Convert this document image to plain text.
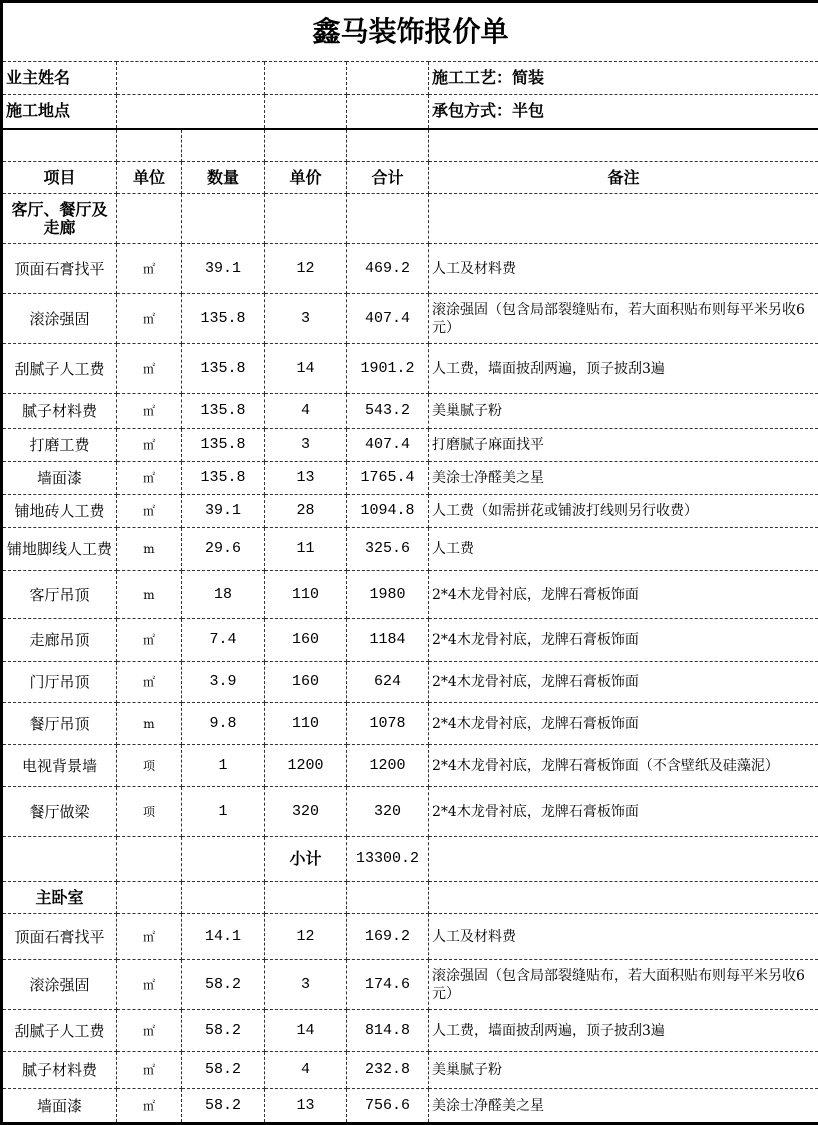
鑫马装饰报价单					
业主姓名					施工工艺：简装
施工地点					承包方式：半包

项目	单位	数量	单价	合计	备注
客厅、餐厅及走廊					
顶面石膏找平	㎡	39.1	12	469.2	人工及材料费
滚涂强固	㎡	135.8	3	407.4	滚涂强固（包含局部裂缝贴布，若大面积贴布则每平米另收6元）
刮腻子人工费	㎡	135.8	14	1901.2	人工费，墙面披刮两遍，顶子披刮3遍
腻子材料费	㎡	135.8	4	543.2	美巢腻子粉
打磨工费	㎡	135.8	3	407.4	打磨腻子麻面找平
墙面漆	㎡	135.8	13	1765.4	美涂士净醛美之星
铺地砖人工费	㎡	39.1	28	1094.8	人工费（如需拼花或铺波打线则另行收费）
铺地脚线人工费	m	29.6	11	325.6	人工费
客厅吊顶	m	18	110	1980	2*4木龙骨衬底，龙牌石膏板饰面
走廊吊顶	㎡	7.4	160	1184	2*4木龙骨衬底，龙牌石膏板饰面
门厅吊顶	㎡	3.9	160	624	2*4木龙骨衬底，龙牌石膏板饰面
餐厅吊顶	m	9.8	110	1078	2*4木龙骨衬底，龙牌石膏板饰面
电视背景墙	项	1	1200	1200	2*4木龙骨衬底，龙牌石膏板饰面（不含壁纸及硅藻泥）
餐厅做梁	项	1	320	320	2*4木龙骨衬底，龙牌石膏板饰面
			小计	13300.2	
主卧室					
顶面石膏找平	㎡	14.1	12	169.2	人工及材料费
滚涂强固	㎡	58.2	3	174.6	滚涂强固（包含局部裂缝贴布，若大面积贴布则每平米另收6元）
刮腻子人工费	㎡	58.2	14	814.8	人工费，墙面披刮两遍，顶子披刮3遍
腻子材料费	㎡	58.2	4	232.8	美巢腻子粉
墙面漆	㎡	58.2	13	756.6	美涂士净醛美之星
